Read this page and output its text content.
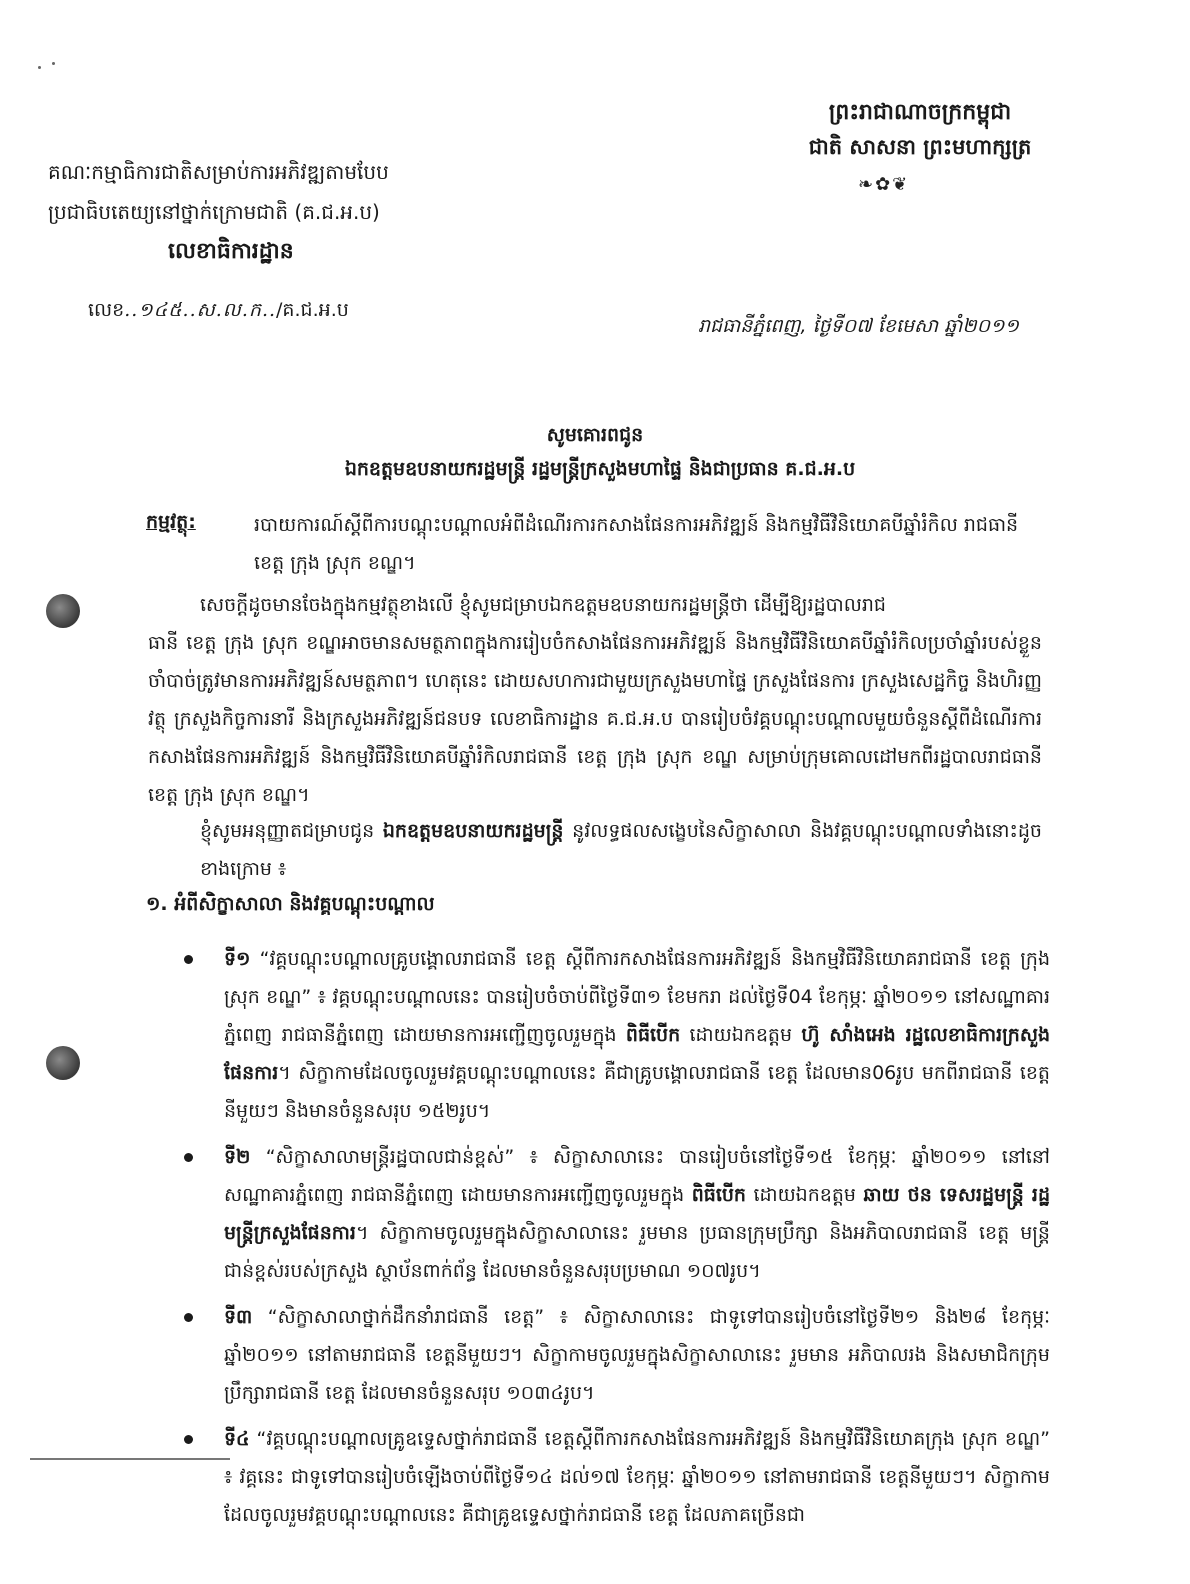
ព្រះរាជាណាចក្រកម្ពុជា
ជាតិ សាសនា ព្រះមហាក្សត្រ
❧✿❦
គណៈកម្មាធិការជាតិសម្រាប់ការអភិវឌ្ឍតាមបែប
ប្រជាធិបតេយ្យនៅថ្នាក់ក្រោមជាតិ (គ.ជ.អ.ប)
លេខាធិការដ្ឋាន
លេខ..១៤៥..ស.ល.ក../គ.ជ.អ.ប
រាជធានីភ្នំពេញ, ថ្ងៃទី០៧ ខែមេសា ឆ្នាំ២០១១
សូមគោរពជូន
ឯកឧត្តមឧបនាយករដ្ឋមន្ត្រី រដ្ឋមន្ត្រីក្រសួងមហាផ្ទៃ និងជាប្រធាន គ.ជ.អ.ប
កម្មវត្ថុ:	របាយការណ៍ស្តីពីការបណ្តុះបណ្តាលអំពីដំណើរការកសាងផែនការអភិវឌ្ឍន៍ និងកម្មវិធីវិនិយោគបីឆ្នាំរំកិល រាជធានី ខេត្ត ក្រុង ស្រុក ខណ្ឌ។
សេចក្តីដូចមានចែងក្នុងកម្មវត្ថុខាងលើ ខ្ញុំសូមជម្រាបឯកឧត្តមឧបនាយករដ្ឋមន្ត្រីថា ដើម្បីឱ្យរដ្ឋបាលរាជ
ធានី ខេត្ត ក្រុង ស្រុក ខណ្ឌអាចមានសមត្ថភាពក្នុងការរៀបចំកសាងផែនការអភិវឌ្ឍន៍ និងកម្មវិធីវិនិយោគបីឆ្នាំរំកិលប្រចាំឆ្នាំរបស់ខ្លួន ចាំបាច់ត្រូវមានការអភិវឌ្ឍន៍សមត្ថភាព។ ហេតុនេះ ដោយសហការជាមួយក្រសួងមហាផ្ទៃ ក្រសួងផែនការ ក្រសួងសេដ្ឋកិច្ច និងហិរញ្ញវត្ថុ ក្រសួងកិច្ចការនារី និងក្រសួងអភិវឌ្ឍន៍ជនបទ លេខាធិការដ្ឋាន គ.ជ.អ.ប បានរៀបចំវគ្គបណ្តុះបណ្តាលមួយចំនួនស្តីពីដំណើរការកសាងផែនការអភិវឌ្ឍន៍ និងកម្មវិធីវិនិយោគបីឆ្នាំរំកិលរាជធានី ខេត្ត ក្រុង ស្រុក ខណ្ឌ សម្រាប់ក្រុមគោលដៅមកពីរដ្ឋបាលរាជធានី ខេត្ត ក្រុង ស្រុក ខណ្ឌ។
ខ្ញុំសូមអនុញ្ញាតជម្រាបជូន ឯកឧត្តមឧបនាយករដ្ឋមន្ត្រី នូវលទ្ធផលសង្ខេបនៃសិក្ខាសាលា និងវគ្គបណ្តុះបណ្តាលទាំងនោះដូចខាងក្រោម ៖
១. អំពីសិក្ខាសាលា និងវគ្គបណ្តុះបណ្តាល
ទី១ “វគ្គបណ្តុះបណ្តាលគ្រូបង្គោលរាជធានី ខេត្ត ស្តីពីការកសាងផែនការអភិវឌ្ឍន៍ និងកម្មវិធីវិនិយោគរាជធានី ខេត្ត ក្រុង ស្រុក ខណ្ឌ” ៖ វគ្គបណ្តុះបណ្តាលនេះ បានរៀបចំចាប់ពីថ្ងៃទី៣១ ខែមករា ដល់ថ្ងៃទី04 ខែកុម្ភៈ ឆ្នាំ២០១១ នៅសណ្ឋាគារភ្នំពេញ រាជធានីភ្នំពេញ ដោយមានការអញ្ជើញចូលរួមក្នុង ពិធីបើក ដោយឯកឧត្តម ហ៊ូ សាំងអេង រដ្ឋលេខាធិការក្រសួងផែនការ។ សិក្ខាកាមដែលចូលរួមវគ្គបណ្តុះបណ្តាលនេះ គឺជាគ្រូបង្គោលរាជធានី ខេត្ត ដែលមាន06រូប មកពីរាជធានី ខេត្តនីមួយៗ និងមានចំនួនសរុប ១៥២រូប។
ទី២ “សិក្ខាសាលាមន្ត្រីរដ្ឋបាលជាន់ខ្ពស់” ៖ សិក្ខាសាលានេះ បានរៀបចំនៅថ្ងៃទី១៥ ខែកុម្ភៈ ឆ្នាំ២០១១ នៅនៅសណ្ឋាគារភ្នំពេញ រាជធានីភ្នំពេញ ដោយមានការអញ្ជើញចូលរួមក្នុង ពិធីបើក ដោយឯកឧត្តម ឆាយ ថន ទេសរដ្ឋមន្ត្រី រដ្ឋមន្ត្រីក្រសួងផែនការ។ សិក្ខាកាមចូលរួមក្នុងសិក្ខាសាលានេះ រួមមាន ប្រធានក្រុមប្រឹក្សា និងអភិបាលរាជធានី ខេត្ត មន្ត្រីជាន់ខ្ពស់របស់ក្រសួង ស្ថាប័នពាក់ព័ន្ធ ដែលមានចំនួនសរុបប្រមាណ ១០៧រូប។
ទី៣ “សិក្ខាសាលាថ្នាក់ដឹកនាំរាជធានី ខេត្ត” ៖ សិក្ខាសាលានេះ ជាទូទៅបានរៀបចំនៅថ្ងៃទី២១ និង២៨ ខែកុម្ភៈ ឆ្នាំ២០១១ នៅតាមរាជធានី ខេត្តនីមួយៗ។ សិក្ខាកាមចូលរួមក្នុងសិក្ខាសាលានេះ រួមមាន អភិបាលរង និងសមាជិកក្រុមប្រឹក្សារាជធានី ខេត្ត ដែលមានចំនួនសរុប ១០៣៤រូប។
ទី៤ “វគ្គបណ្តុះបណ្តាលគ្រូឧទ្ទេសថ្នាក់រាជធានី ខេត្តស្តីពីការកសាងផែនការអភិវឌ្ឍន៍ និងកម្មវិធីវិនិយោគក្រុង ស្រុក ខណ្ឌ” ៖ វគ្គនេះ ជាទូទៅបានរៀបចំឡើងចាប់ពីថ្ងៃទី១៤ ដល់១៧ ខែកុម្ភៈ ឆ្នាំ២០១១ នៅតាមរាជធានី ខេត្តនីមួយៗ។ សិក្ខាកាមដែលចូលរួមវគ្គបណ្តុះបណ្តាលនេះ គឺជាគ្រូឧទ្ទេសថ្នាក់រាជធានី ខេត្ត ដែលភាគច្រើនជា
